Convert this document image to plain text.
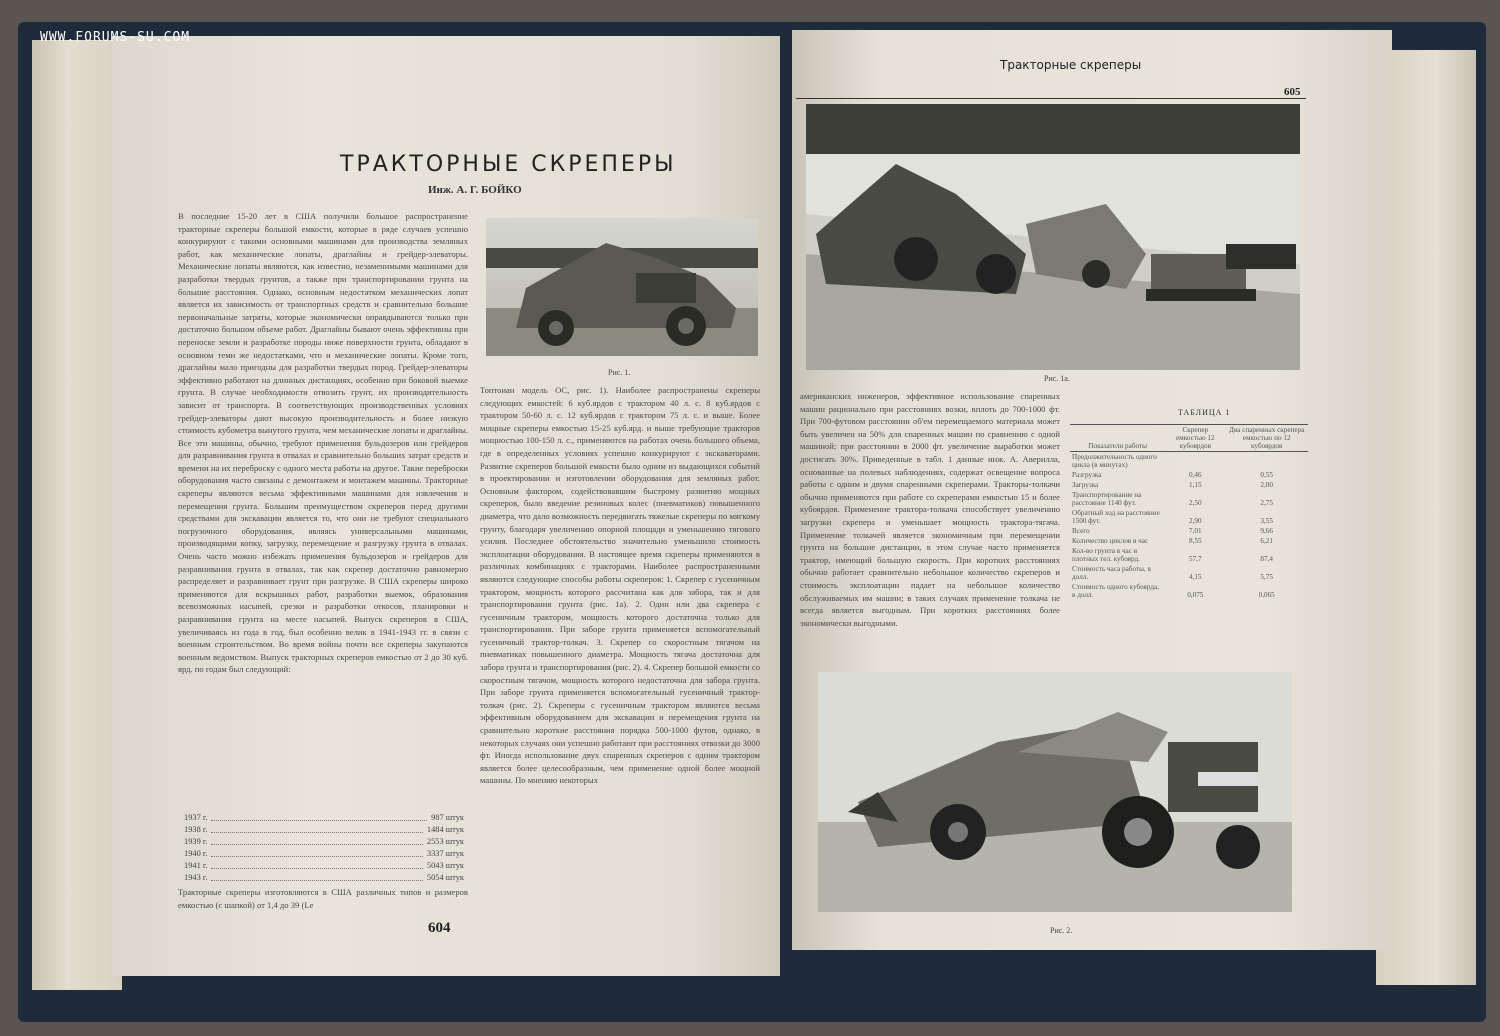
WWW.FORUMS-SU.COM
ТРАКТОРНЫЕ СКРЕПЕРЫ
Инж. А. Г. БОЙКО
В последние 15-20 лет в США получили большое распространение тракторные скреперы большой емкости, которые в ряде случаев успешно конкурируют с такими основными машинами для производства земляных работ, как механические лопаты, драглайны и грейдер-элеваторы. Механические лопаты являются, как известно, незаменимыми машинами для разработки твердых грунтов, а также при транспортировании грунта на большие расстояния. Однако, основным недостатком механических лопат является их зависимость от транспортных средств и сравнительно большие первоначальные затраты, которые экономически оправдываются только при достаточно большом объеме работ. Драглайны бывают очень эффективны при переноске земли и разработке породы ниже поверхности грунта, обладают в основном теми же недостатками, что и механические лопаты. Кроме того, драглайны мало пригодны для разработки твердых пород. Грейдер-элеваторы эффективно работают на длинных дистанциях, особенно при боковой выемке грунта. В случае необходимости отвозить грунт, их производительность зависит от транспорта. В соответствующих производственных условиях грейдер-элеваторы дают высокую производительность и более низкую стоимость кубометра вынутого грунта, чем механические лопаты и драглайны. Все эти машины, обычно, требуют применения бульдозеров или грейдеров для разравнивания грунта в отвалах и сравнительно больших затрат средств и времени на их переброску с одного места работы на другое. Такие переброски оборудования часто связаны с демонтажем и монтажем машины. Тракторные скреперы являются весьма эффективными машинами для извлечения и перемещения грунта. Большим преимуществом скреперов перед другими средствами для экскавации является то, что они не требуют специального погрузочного оборудования, являясь универсальными машинами, производящими копку, загрузку, перемещение и разгрузку грунта в отвалах. Очень часто можно избежать применения бульдозеров и грейдеров для разравнивания грунта в отвалах, так как скрепер достаточно равномерно распределяет и разравнивает грунт при разгрузке. В США скреперы широко применяются для вскрышных работ, разработки выемок, образования всевозможных насыпей, срезки и разработки откосов, планировки и разравнивания грунта на месте насыпей. Выпуск скреперов в США, увеличиваясь из года в год, был особенно велик в 1941-1943 гг. в связи с военным строительством. Во время войны почти все скреперы закупаются военным ведомством. Выпуск тракторных скреперов емкостью от 2 до 30 куб. ярд. по годам был следующий:
1937 г.	987 штук
1938 г.	1484 штук
1939 г.	2553 штук
1940 г.	3337 штук
1941 г.	5043 штук
1943 г.	5054 штук
Тракторные скреперы изготовляются в США различных типов и размеров емкостью (с шапкой) от 1,4 до 39 (Le
Рис. 1.
Топтоиан модель ОС, рис. 1). Наиболее распространены скреперы следующих емкостей: 6 куб.ярдов с трактором 40 л. с. 8 куб.ярдов с трактором 50-60 л. с. 12 куб.ярдов с трактором 75 л. с. и выше. Более мощные скреперы емкостью 15-25 куб.ярд. и выше требующие тракторов мощностью 100-150 л. с., применяются на работах очень большого объема, где в определенных условиях успешно конкурируют с экскаваторами. Развитие скреперов большой емкости было одним из выдающихся событий в проектировании и изготовлении оборудования для земляных работ. Основным фактором, содействовавшим быстрому развитию мощных скреперов, было введение резиновых колес (пневматиков) повышенного диаметра, что дало возможность передвигать тяжелые скреперы по мягкому грунту, благодаря увеличению опорной площади и уменьшению тягового усилия. Последнее обстоятельство значительно уменьшило стоимость эксплоатации оборудования. В настоящее время скреперы применяются в различных комбинациях с тракторами. Наиболее распространенными являются следующие способы работы скреперов: 1. Скрепер с гусеничным трактором, мощность которого рассчитана как для забора, так и для транспортирования грунта (рис. 1а). 2. Один или два скрепера с гусеничным трактором, мощность которого достаточна только для транспортирования. При заборе грунта применяется вспомогательный гусеничный трактор-толкач. 3. Скрепер со скоростным тягачом на пневматиках повышенного диаметра. Мощность тягача достаточна для забора грунта и транспортирования (рис. 2). 4. Скрепер большой емкости со скоростным тягачом, мощность которого недостаточна для забора грунта. При заборе грунта применяется вспомогательный гусеничный трактор-толкач (рис. 2). Скреперы с гусеничным трактором являются весьма эффективным оборудованием для экскавации и перемещения грунта на сравнительно короткие расстояния порядка 500-1000 футов, однако, в некоторых случаях они успешно работают при расстояниях отвозки до 3000 фт. Иногда использование двух спаренных скреперов с одним трактором является более целесообразным, чем применение одной более мощной машины. По мнению некоторых
604
Тракторные скреперы
605
Рис. 1а.
американских инженеров, эффективное использование спаренных машин рационально при расстояниях возки, вплоть до 700-1000 фт. При 700-футовом расстоянии об'ем перемещаемого материала может быть увеличен на 50% для спаренных машин по сравнению с одной машиной; при расстоянии в 2000 фт. увеличение выработки может достигать 30%. Приведенные в табл. 1 данные инж. А. Аверилла, основанные на полевых наблюдениях, содержат освещение вопроса работы с одним и двумя спаренными скреперами. Тракторы-толкачи обычно применяются при работе со скреперами емкостью 15 и более кубоярдов. Применение трактора-толкача способствует увеличению загрузки скрепера и уменьшает мощность трактора-тягача. Применение толкачей является экономичным при перемещении грунта на большие дистанции, в этом случае часто применяется трактор, имеющий большую скорость. При коротких расстояниях обычно работает сравнительно небольшое количество скреперов и стоимость эксплоатации падает на небольшое количество обслуживаемых им машин; в таких случаях применение толкача не всегда является выгодным. При коротких расстояниях более экономически выгодными.
ТАБЛИЦА 1
Показатели работы	Скрепер емкостью 12 кубоярдов	Два спаренных скрепера емкостью по 12 кубоярдов
Продолжительность одного цикла (в минутах)		
Разгрузка	0,46	0,55
Загрузка	1,15	2,00
Транспортирование на расстояние 1140 фут.	2,50	2,75
Обратный ход на расстояние 1500 фут.	2,90	3,55
Всего	7,01	9,66
Количество циклов в час	8,55	6,21
Кол-во грунта в час в плотных тел. кубоярд.	57,7	87,4
Стоимость часа работы, в долл.	4,15	5,75
Стоимость одного кубоярда, в долл.	0,075	0,065
Рис. 2.
